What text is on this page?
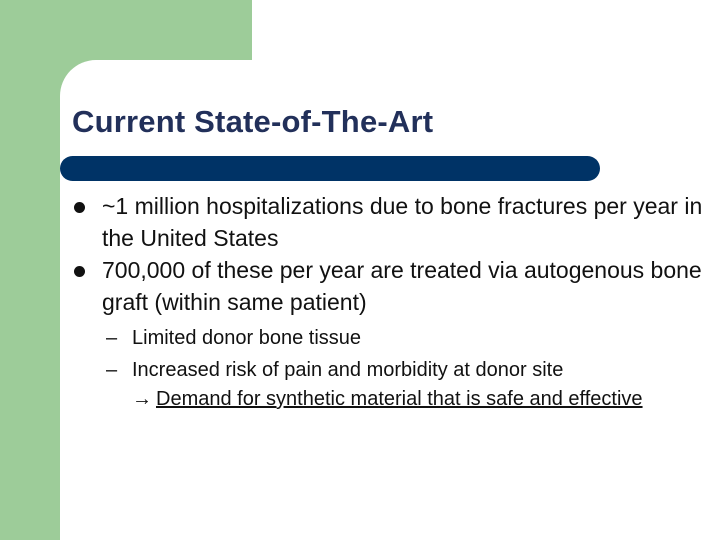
Current State-of-The-Art
~1 million hospitalizations due to bone fractures per year in the United States
700,000 of these per year are treated via autogenous bone graft (within same patient)
– Limited donor bone tissue
– Increased risk of pain and morbidity at donor site
→ Demand for synthetic material that is safe and effective
